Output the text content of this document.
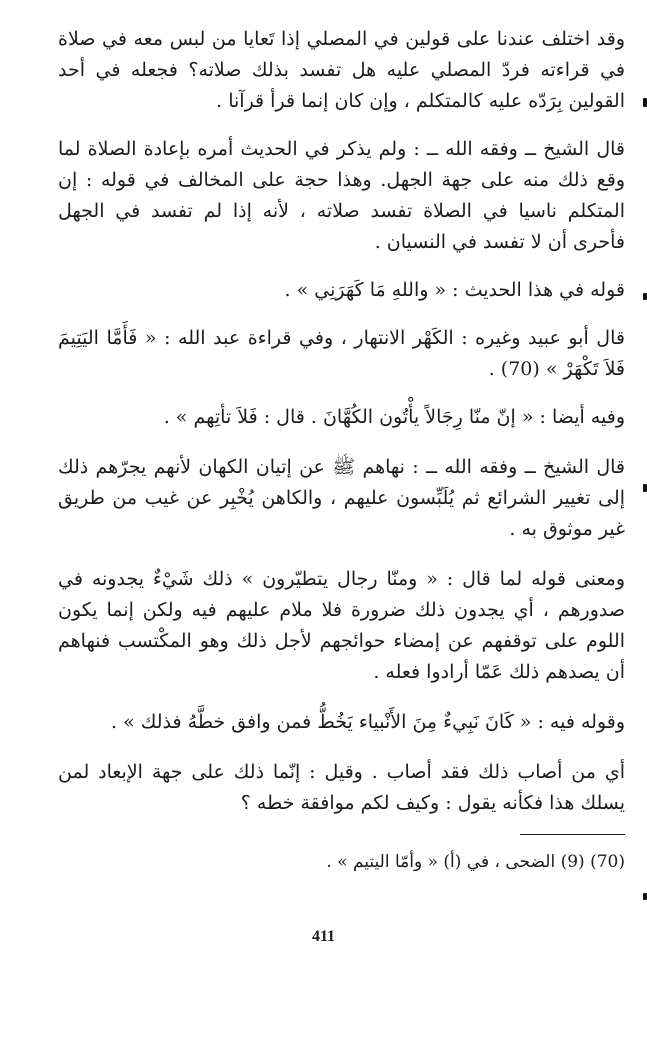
وقد اختلف عندنا على قولين في المصلي إذا تَعايا من لبس معه في صلاة في قراءته فردّ المصلي عليه هل تفسد بذلك صلاته؟ فجعله في أحد القولين بِرَدّه عليه كالمتكلم ، وإن كان إنما قرأ قرآنا .

قال الشيخ ــ وفقه الله ــ : ولم يذكر في الحديث أمره بإعادة الصلاة لما وقع ذلك منه على جهة الجهل. وهذا حجة على المخالف في قوله : إن المتكلم ناسيا في الصلاة تفسد صلاته ، لأنه إذا لم تفسد في الجهل فأحرى أن لا تفسد في النسيان .

قوله في هذا الحديث : « واللهِ مَا كَهَرَنِي » .

قال أبو عبيد وغيره : الكَهْر الانتهار ، وفي قراءة عبد الله : « فَأَمَّا اليَتِيمَ فَلاَ تَكْهَرْ » (70) .

وفيه أيضا : « إنّ منّا رِجَالاً يأْتُون الكُهَّانَ . قال : فَلاَ تأتِهم » .

قال الشيخ ــ وفقه الله ــ : نهاهم ﷺ عن إتيان الكهان لأنهم يجرّهم ذلك إلى تغيير الشرائع ثم يُلَبِّسون عليهم ، والكاهن يُخْبِر عن غيب من طريق غير موثوق به .

ومعنى قوله لما قال : « ومنّا رجال يتطيّرون » ذلك شَيْءٌ يجدونه في صدورهم ، أي يجدون ذلك ضرورة فلا ملام عليهم فيه ولكن إنما يكون اللوم على توقفهم عن إمضاء حوائجهم لأجل ذلك وهو المكْتسب فنهاهم أن يصدهم ذلك عَمّا أرادوا فعله .

وقوله فيه : « كَانَ نَبِيءٌ مِنَ الأَنْبياء يَخُطُّ فمن وافق خطَّهُ فذلك » .

أي من أصاب ذلك فقد أصاب . وقيل : إنّما ذلك على جهة الإبعاد لمن يسلك هذا فكأنه يقول : وكيف لكم موافقة خطه ؟

(70) (9) الضحى ، في (أ) « وأمّا اليتيم » .

411
